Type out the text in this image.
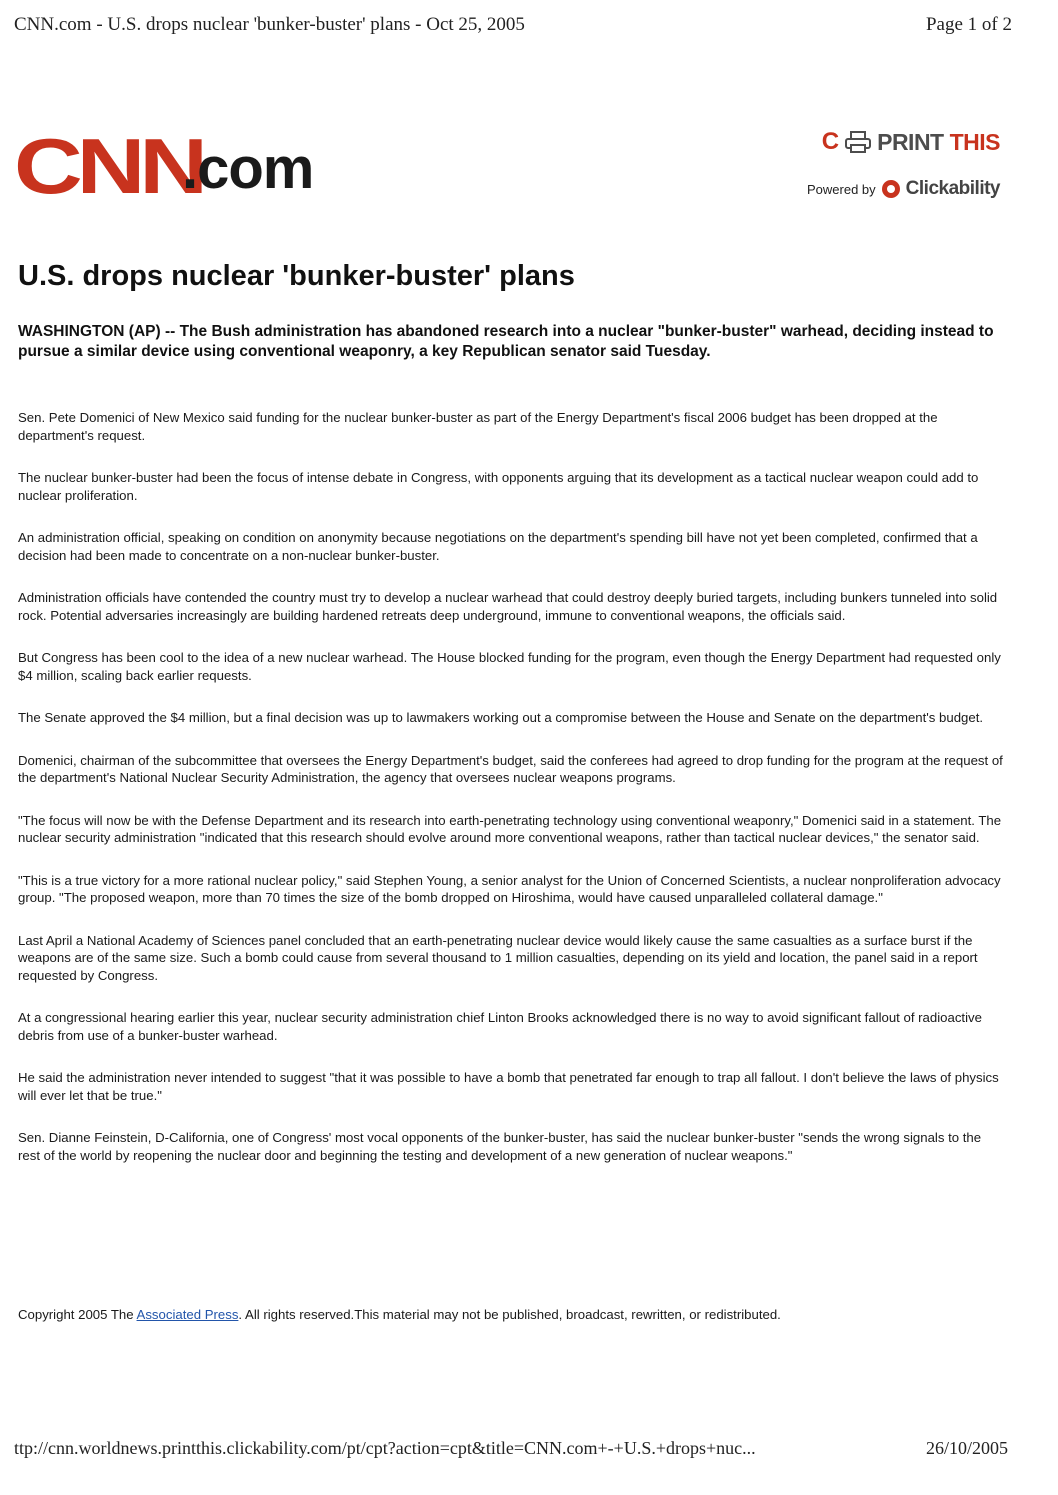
CNN.com - U.S. drops nuclear 'bunker-buster' plans - Oct 25, 2005	Page 1 of 2
CNN
.com	C PRINT THIS
Powered by Clickability
U.S. drops nuclear 'bunker-buster' plans

WASHINGTON (AP) -- The Bush administration has abandoned research into a nuclear "bunker-buster" warhead, deciding instead to pursue a similar device using conventional weaponry, a key Republican senator said Tuesday.

Sen. Pete Domenici of New Mexico said funding for the nuclear bunker-buster as part of the Energy Department's fiscal 2006 budget has been dropped at the department's request.

The nuclear bunker-buster had been the focus of intense debate in Congress, with opponents arguing that its development as a tactical nuclear weapon could add to nuclear proliferation.

An administration official, speaking on condition on anonymity because negotiations on the department's spending bill have not yet been completed, confirmed that a decision had been made to concentrate on a non-nuclear bunker-buster.

Administration officials have contended the country must try to develop a nuclear warhead that could destroy deeply buried targets, including bunkers tunneled into solid rock. Potential adversaries increasingly are building hardened retreats deep underground, immune to conventional weapons, the officials said.

But Congress has been cool to the idea of a new nuclear warhead. The House blocked funding for the program, even though the Energy Department had requested only $4 million, scaling back earlier requests.

The Senate approved the $4 million, but a final decision was up to lawmakers working out a compromise between the House and Senate on the department's budget.

Domenici, chairman of the subcommittee that oversees the Energy Department's budget, said the conferees had agreed to drop funding for the program at the request of the department's National Nuclear Security Administration, the agency that oversees nuclear weapons programs.

"The focus will now be with the Defense Department and its research into earth-penetrating technology using conventional weaponry," Domenici said in a statement. The nuclear security administration "indicated that this research should evolve around more conventional weapons, rather than tactical nuclear devices," the senator said.

"This is a true victory for a more rational nuclear policy," said Stephen Young, a senior analyst for the Union of Concerned Scientists, a nuclear nonproliferation advocacy group. "The proposed weapon, more than 70 times the size of the bomb dropped on Hiroshima, would have caused unparalleled collateral damage."

Last April a National Academy of Sciences panel concluded that an earth-penetrating nuclear device would likely cause the same casualties as a surface burst if the weapons are of the same size. Such a bomb could cause from several thousand to 1 million casualties, depending on its yield and location, the panel said in a report requested by Congress.

At a congressional hearing earlier this year, nuclear security administration chief Linton Brooks acknowledged there is no way to avoid significant fallout of radioactive debris from use of a bunker-buster warhead.

He said the administration never intended to suggest "that it was possible to have a bomb that penetrated far enough to trap all fallout. I don't believe the laws of physics will ever let that be true."

Sen. Dianne Feinstein, D-California, one of Congress' most vocal opponents of the bunker-buster, has said the nuclear bunker-buster "sends the wrong signals to the rest of the world by reopening the nuclear door and beginning the testing and development of a new generation of nuclear weapons."

Copyright 2005 The Associated Press. All rights reserved.This material may not be published, broadcast, rewritten, or redistributed.

ttp://cnn.worldnews.printthis.clickability.com/pt/cpt?action=cpt&title=CNN.com+-+U.S.+drops+nuc...	26/10/2005
